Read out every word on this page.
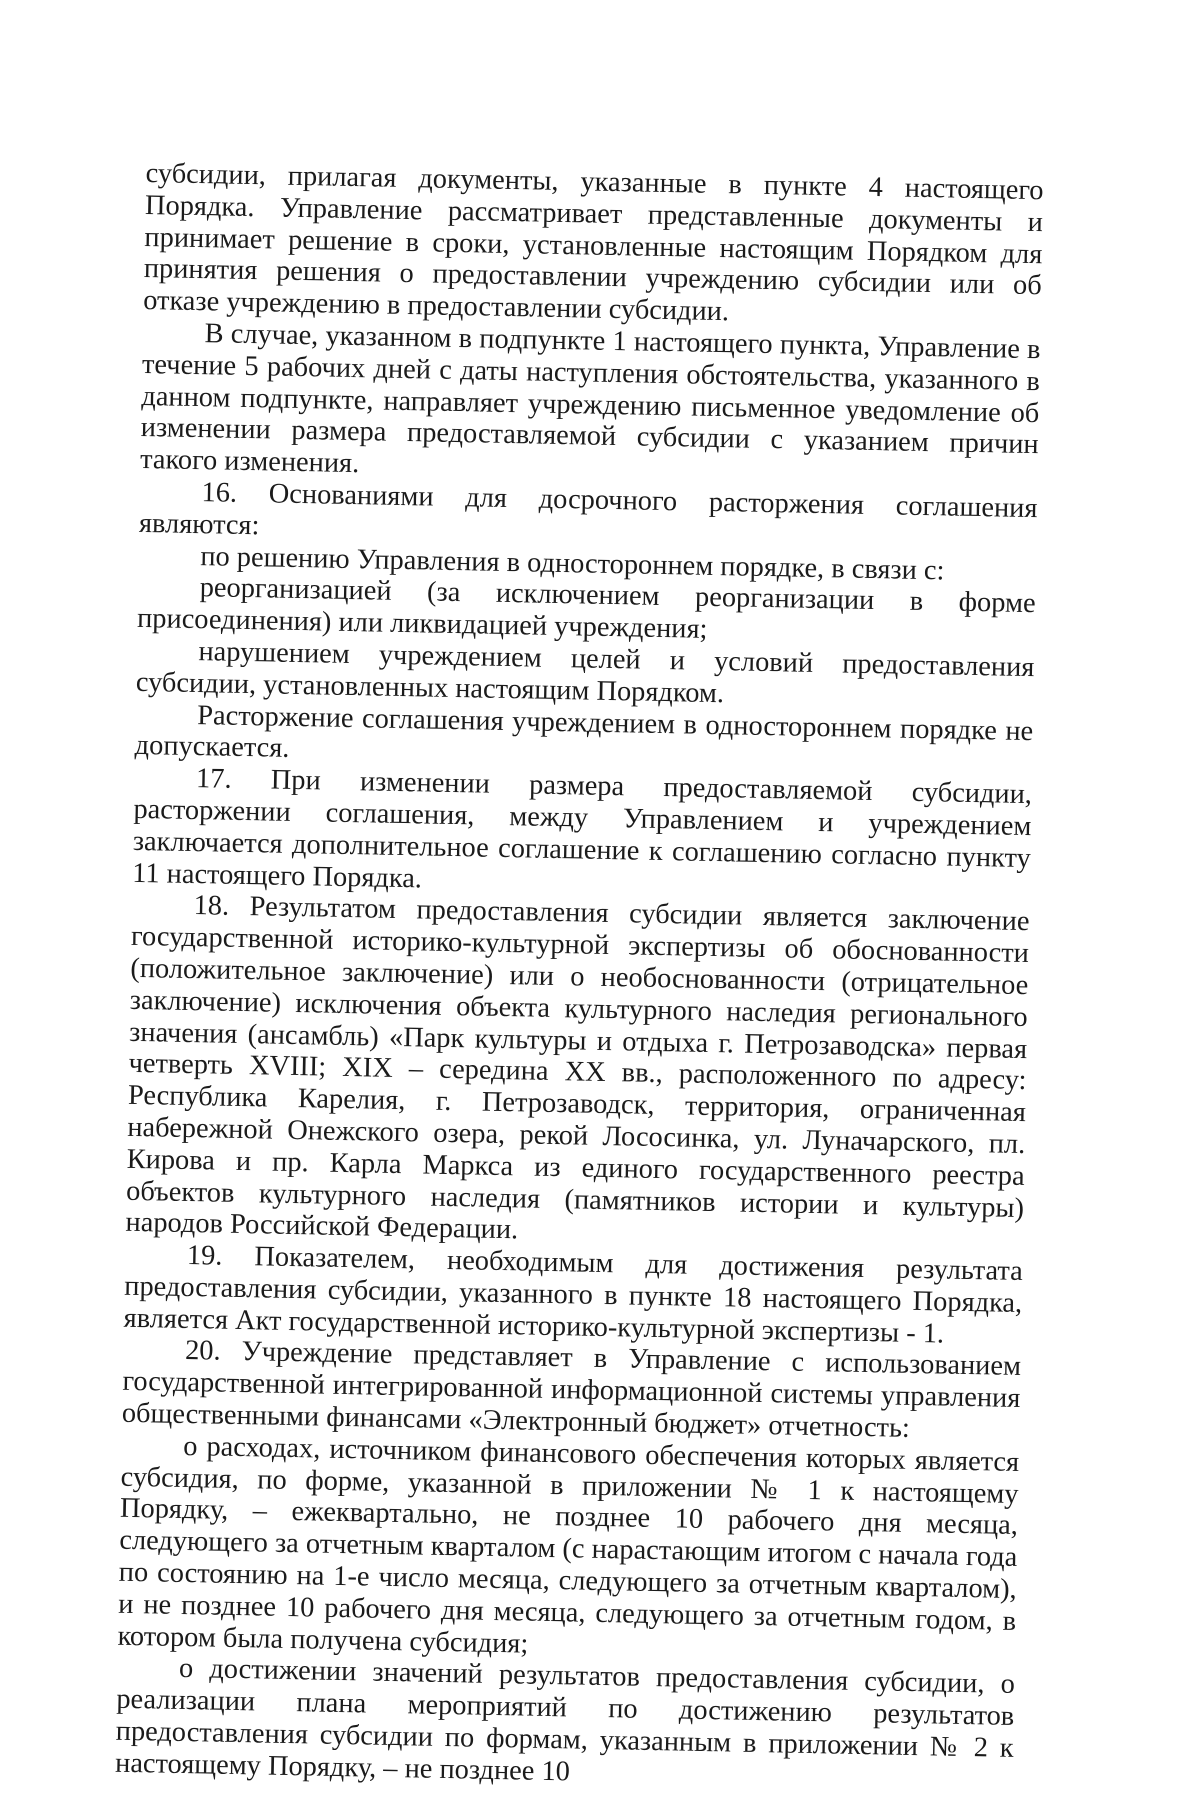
субсидии, прилагая документы, указанные в пункте 4 настоящего Порядка. Управление рассматривает представленные документы и принимает решение в сроки, установленные настоящим Порядком для принятия решения о предоставлении учреждению субсидии или об отказе учреждению в предоставлении субсидии.

В случае, указанном в подпункте 1 настоящего пункта, Управление в течение 5 рабочих дней с даты наступления обстоятельства, указанного в данном подпункте, направляет учреждению письменное уведомление об изменении размера предоставляемой субсидии с указанием причин такого изменения.

16. Основаниями для досрочного расторжения соглашения являются:

по решению Управления в одностороннем порядке, в связи с:

реорганизацией (за исключением реорганизации в форме присоединения) или ликвидацией учреждения;

нарушением учреждением целей и условий предоставления субсидии, установленных настоящим Порядком.

Расторжение соглашения учреждением в одностороннем порядке не допускается.

17. При изменении размера предоставляемой субсидии, расторжении соглашения, между Управлением и учреждением заключается дополнительное соглашение к соглашению согласно пункту 11 настоящего Порядка.

18. Результатом предоставления субсидии является заключение государственной историко-культурной экспертизы об обоснованности (положительное заключение) или о необоснованности (отрицательное заключение) исключения объекта культурного наследия регионального значения (ансамбль) «Парк культуры и отдыха г. Петрозаводска» первая четверть XVIII; XIX – середина XX вв., расположенного по адресу: Республика Карелия, г. Петрозаводск, территория, ограниченная набережной Онежского озера, рекой Лососинка, ул. Луначарского, пл. Кирова и пр. Карла Маркса из единого государственного реестра объектов культурного наследия (памятников истории и культуры) народов Российской Федерации.

19. Показателем, необходимым для достижения результата предоставления субсидии, указанного в пункте 18 настоящего Порядка, является Акт государственной историко-культурной экспертизы - 1.

20. Учреждение представляет в Управление с использованием государственной интегрированной информационной системы управления общественными финансами «Электронный бюджет» отчетность:

о расходах, источником финансового обеспечения которых является субсидия, по форме, указанной в приложении № 1 к настоящему Порядку, – ежеквартально, не позднее 10 рабочего дня месяца, следующего за отчетным кварталом (с нарастающим итогом с начала года по состоянию на 1-е число месяца, следующего за отчетным кварталом), и не позднее 10 рабочего дня месяца, следующего за отчетным годом, в котором была получена субсидия;

о достижении значений результатов предоставления субсидии, о реализации плана мероприятий по достижению результатов предоставления субсидии по формам, указанным в приложении № 2 к настоящему Порядку, – не позднее 10
